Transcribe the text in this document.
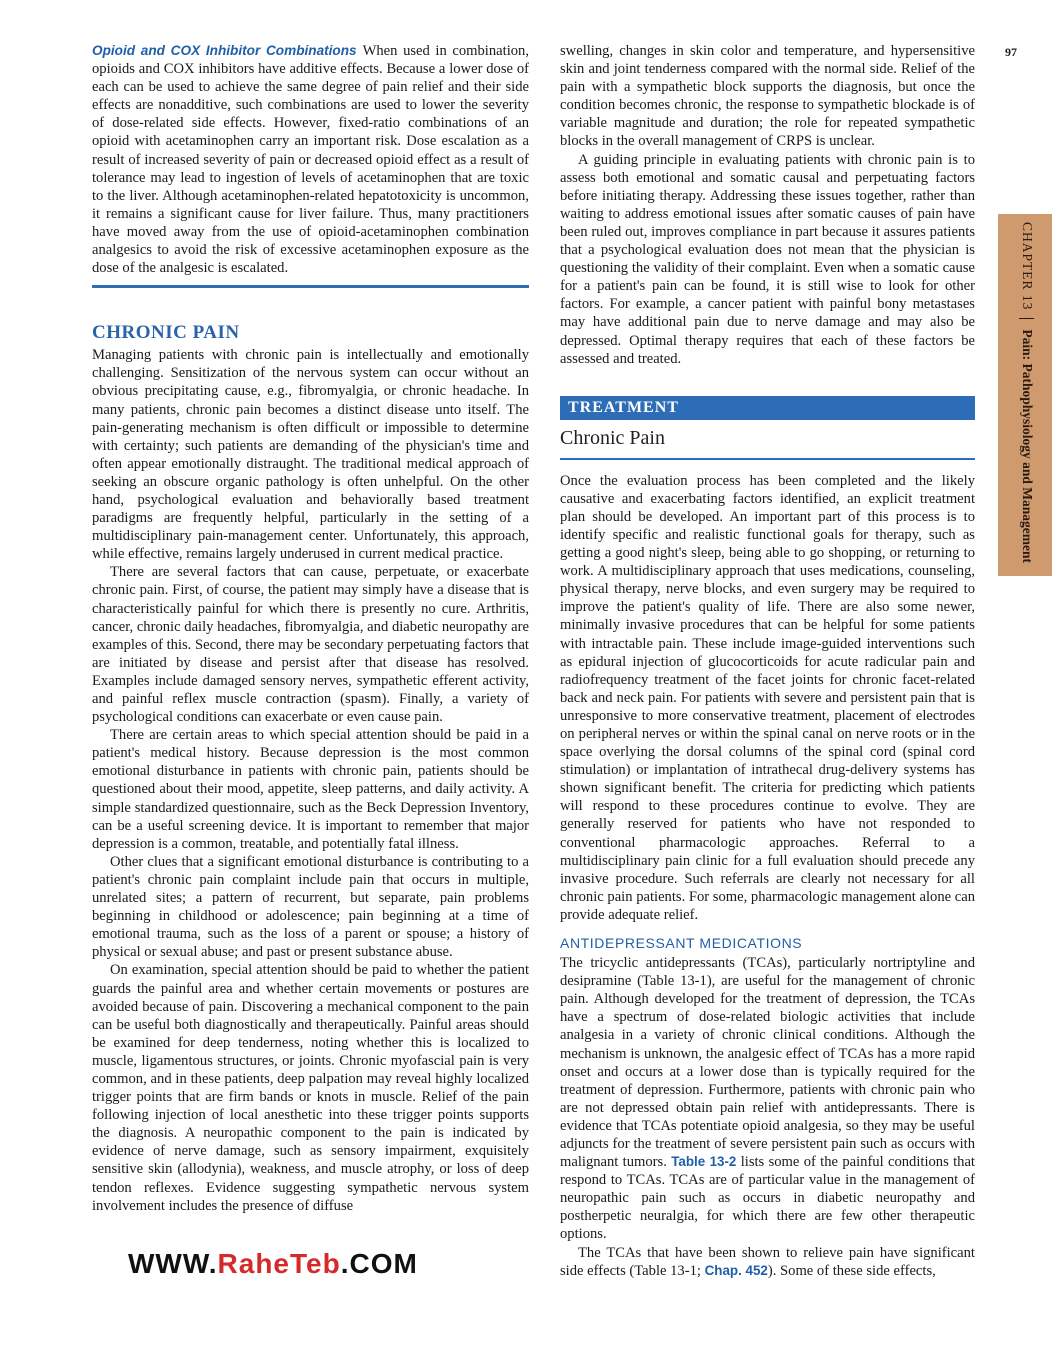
97
CHAPTER 13Pain: Pathophysiology and Management

Opioid and COX Inhibitor Combinations When used in combination, opioids and COX inhibitors have additive effects. Because a lower dose of each can be used to achieve the same degree of pain relief and their side effects are nonadditive, such combinations are used to lower the severity of dose-related side effects. However, fixed-ratio combinations of an opioid with acetaminophen carry an important risk. Dose escalation as a result of increased severity of pain or decreased opioid effect as a result of tolerance may lead to ingestion of levels of acetaminophen that are toxic to the liver. Although acetaminophen-related hepatotoxicity is uncommon, it remains a significant cause for liver failure. Thus, many practitioners have moved away from the use of opioid-acetaminophen combination analgesics to avoid the risk of excessive acetaminophen exposure as the dose of the analgesic is escalated.

CHRONIC PAIN

Managing patients with chronic pain is intellectually and emotionally challenging. Sensitization of the nervous system can occur without an obvious precipitating cause, e.g., fibromyalgia, or chronic headache. In many patients, chronic pain becomes a distinct disease unto itself. The pain-generating mechanism is often difficult or impossible to determine with certainty; such patients are demanding of the physician's time and often appear emotionally distraught. The traditional medical approach of seeking an obscure organic pathology is often unhelpful. On the other hand, psychological evaluation and behaviorally based treatment paradigms are frequently helpful, particularly in the setting of a multidisciplinary pain-management center. Unfortunately, this approach, while effective, remains largely underused in current medical practice.

There are several factors that can cause, perpetuate, or exacerbate chronic pain. First, of course, the patient may simply have a disease that is characteristically painful for which there is presently no cure. Arthritis, cancer, chronic daily headaches, fibromyalgia, and diabetic neuropathy are examples of this. Second, there may be secondary perpetuating factors that are initiated by disease and persist after that disease has resolved. Examples include damaged sensory nerves, sympathetic efferent activity, and painful reflex muscle contraction (spasm). Finally, a variety of psychological conditions can exacerbate or even cause pain.

There are certain areas to which special attention should be paid in a patient's medical history. Because depression is the most common emotional disturbance in patients with chronic pain, patients should be questioned about their mood, appetite, sleep patterns, and daily activity. A simple standardized questionnaire, such as the Beck Depression Inventory, can be a useful screening device. It is important to remember that major depression is a common, treatable, and potentially fatal illness.

Other clues that a significant emotional disturbance is contributing to a patient's chronic pain complaint include pain that occurs in multiple, unrelated sites; a pattern of recurrent, but separate, pain problems beginning in childhood or adolescence; pain beginning at a time of emotional trauma, such as the loss of a parent or spouse; a history of physical or sexual abuse; and past or present substance abuse.

On examination, special attention should be paid to whether the patient guards the painful area and whether certain movements or postures are avoided because of pain. Discovering a mechanical component to the pain can be useful both diagnostically and therapeutically. Painful areas should be examined for deep tenderness, noting whether this is localized to muscle, ligamentous structures, or joints. Chronic myofascial pain is very common, and in these patients, deep palpation may reveal highly localized trigger points that are firm bands or knots in muscle. Relief of the pain following injection of local anesthetic into these trigger points supports the diagnosis. A neuropathic component to the pain is indicated by evidence of nerve damage, such as sensory impairment, exquisitely sensitive skin (allodynia), weakness, and muscle atrophy, or loss of deep tendon reflexes. Evidence suggesting sympathetic nervous system involvement includes the presence of diffuse

swelling, changes in skin color and temperature, and hypersensitive skin and joint tenderness compared with the normal side. Relief of the pain with a sympathetic block supports the diagnosis, but once the condition becomes chronic, the response to sympathetic blockade is of variable magnitude and duration; the role for repeated sympathetic blocks in the overall management of CRPS is unclear.

A guiding principle in evaluating patients with chronic pain is to assess both emotional and somatic causal and perpetuating factors before initiating therapy. Addressing these issues together, rather than waiting to address emotional issues after somatic causes of pain have been ruled out, improves compliance in part because it assures patients that a psychological evaluation does not mean that the physician is questioning the validity of their complaint. Even when a somatic cause for a patient's pain can be found, it is still wise to look for other factors. For example, a cancer patient with painful bony metastases may have additional pain due to nerve damage and may also be depressed. Optimal therapy requires that each of these factors be assessed and treated.

TREATMENT
Chronic Pain

Once the evaluation process has been completed and the likely causative and exacerbating factors identified, an explicit treatment plan should be developed. An important part of this process is to identify specific and realistic functional goals for therapy, such as getting a good night's sleep, being able to go shopping, or returning to work. A multidisciplinary approach that uses medications, counseling, physical therapy, nerve blocks, and even surgery may be required to improve the patient's quality of life. There are also some newer, minimally invasive procedures that can be helpful for some patients with intractable pain. These include image-guided interventions such as epidural injection of glucocorticoids for acute radicular pain and radiofrequency treatment of the facet joints for chronic facet-related back and neck pain. For patients with severe and persistent pain that is unresponsive to more conservative treatment, placement of electrodes on peripheral nerves or within the spinal canal on nerve roots or in the space overlying the dorsal columns of the spinal cord (spinal cord stimulation) or implantation of intrathecal drug-delivery systems has shown significant benefit. The criteria for predicting which patients will respond to these procedures continue to evolve. They are generally reserved for patients who have not responded to conventional pharmacologic approaches. Referral to a multidisciplinary pain clinic for a full evaluation should precede any invasive procedure. Such referrals are clearly not necessary for all chronic pain patients. For some, pharmacologic management alone can provide adequate relief.

ANTIDEPRESSANT MEDICATIONS

The tricyclic antidepressants (TCAs), particularly nortriptyline and desipramine (Table 13-1), are useful for the management of chronic pain. Although developed for the treatment of depression, the TCAs have a spectrum of dose-related biologic activities that include analgesia in a variety of chronic clinical conditions. Although the mechanism is unknown, the analgesic effect of TCAs has a more rapid onset and occurs at a lower dose than is typically required for the treatment of depression. Furthermore, patients with chronic pain who are not depressed obtain pain relief with antidepressants. There is evidence that TCAs potentiate opioid analgesia, so they may be useful adjuncts for the treatment of severe persistent pain such as occurs with malignant tumors. Table 13-2 lists some of the painful conditions that respond to TCAs. TCAs are of particular value in the management of neuropathic pain such as occurs in diabetic neuropathy and postherpetic neuralgia, for which there are few other therapeutic options.

The TCAs that have been shown to relieve pain have significant side effects (Table 13-1; Chap. 452). Some of these side effects,

WWW.RaheTeb.COM
